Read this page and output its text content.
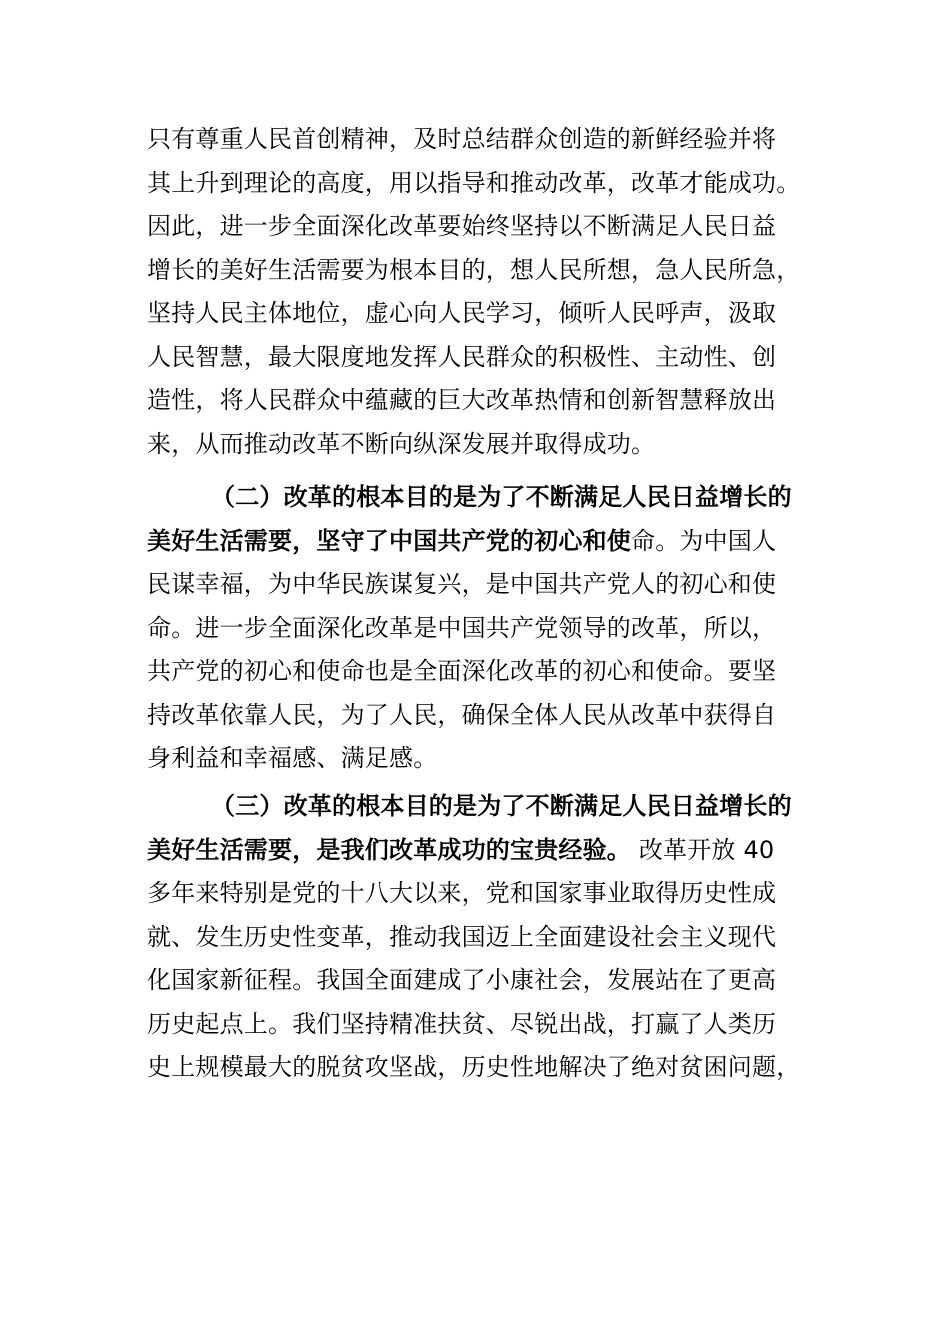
只有尊重人民首创精神，及时总结群众创造的新鲜经验并将
其上升到理论的高度，用以指导和推动改革，改革才能成功。
因此，进一步全面深化改革要始终坚持以不断满足人民日益
增长的美好生活需要为根本目的，想人民所想，急人民所急，
坚持人民主体地位，虚心向人民学习，倾听人民呼声，汲取
人民智慧，最大限度地发挥人民群众的积极性、主动性、创
造性，将人民群众中蕴藏的巨大改革热情和创新智慧释放出
来，从而推动改革不断向纵深发展并取得成功。
（二）改革的根本目的是为了不断满足人民日益增长的
美好生活需要，坚守了中国共产党的初心和使命。为中国人
民谋幸福，为中华民族谋复兴，是中国共产党人的初心和使
命。进一步全面深化改革是中国共产党领导的改革，所以，
共产党的初心和使命也是全面深化改革的初心和使命。要坚
持改革依靠人民，为了人民，确保全体人民从改革中获得自
身利益和幸福感、满足感。
（三）改革的根本目的是为了不断满足人民日益增长的
美好生活需要，是我们改革成功的宝贵经验。 改革开放 40
多年来特别是党的十八大以来，党和国家事业取得历史性成
就、发生历史性变革，推动我国迈上全面建设社会主义现代
化国家新征程。我国全面建成了小康社会，发展站在了更高
历史起点上。我们坚持精准扶贫、尽锐出战，打赢了人类历
史上规模最大的脱贫攻坚战，历史性地解决了绝对贫困问题，
